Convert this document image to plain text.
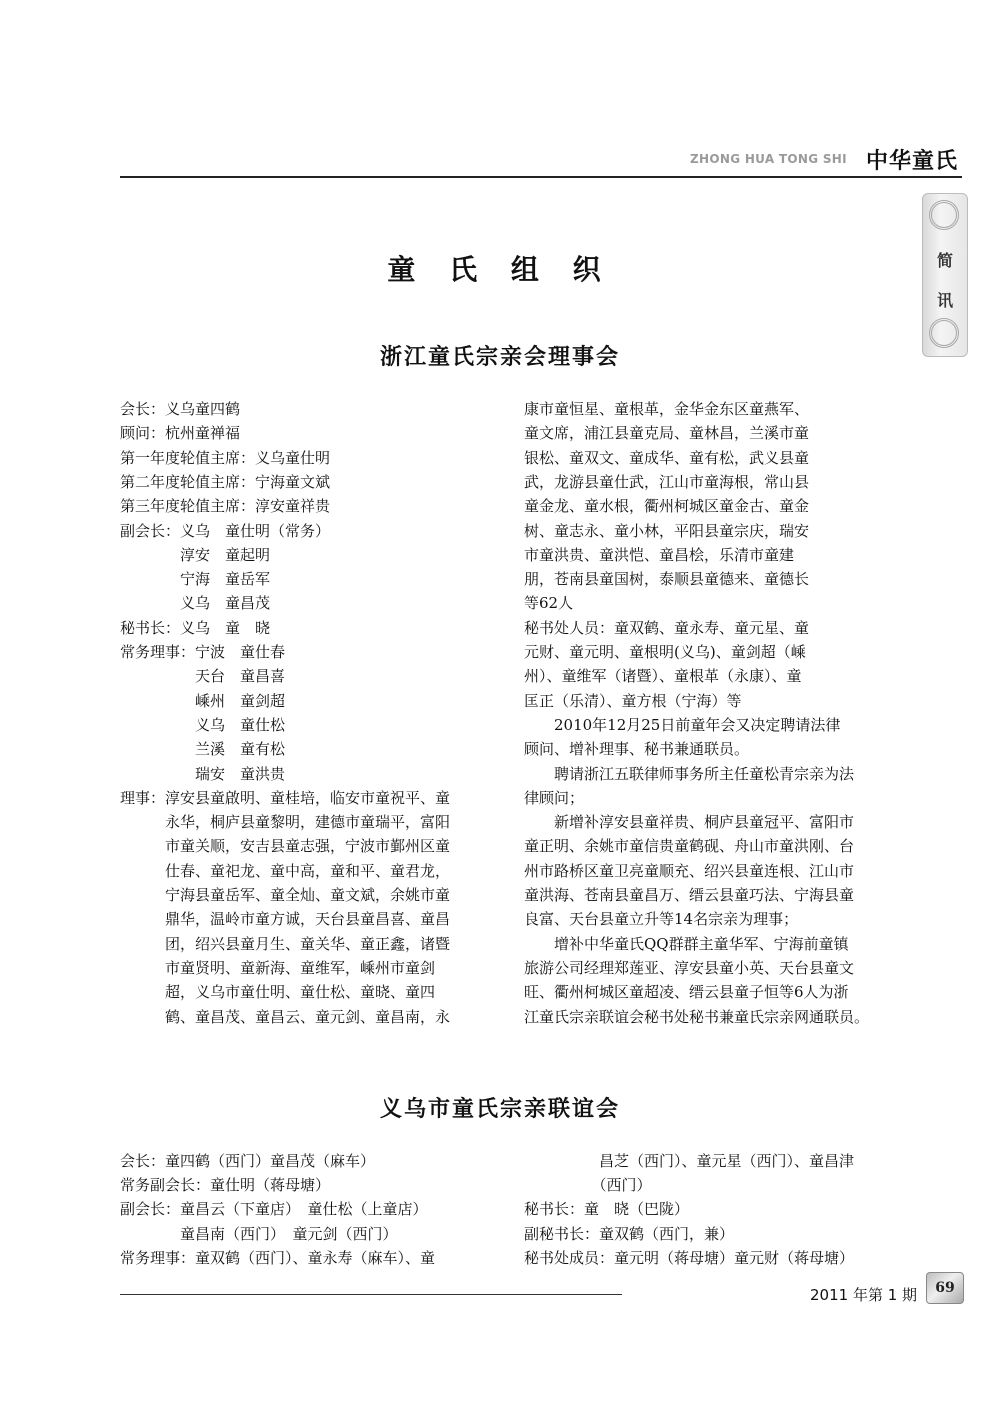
ZHONG HUA TONG SHI 中华童氏
简
讯
童 氏 组 织
浙江童氏宗亲会理事会
会长：义乌童四鹤
顾问：杭州童禅福
第一年度轮值主席：义乌童仕明
第二年度轮值主席：宁海童文斌
第三年度轮值主席：淳安童祥贵
副会长：义乌　童仕明（常务）
　　　　淳安　童起明
　　　　宁海　童岳军
　　　　义乌　童昌茂
秘书长：义乌　童　晓
常务理事：宁波　童仕春
　　　　　天台　童昌喜
　　　　　嵊州　童剑超
　　　　　义乌　童仕松
　　　　　兰溪　童有松
　　　　　瑞安　童洪贵
理事：淳安县童啟明、童桂培，临安市童祝平、童
　　　永华，桐庐县童黎明，建德市童瑞平，富阳
　　　市童关顺，安吉县童志强，宁波市鄞州区童
　　　仕春、童祀龙、童中高，童和平、童君龙，
　　　宁海县童岳军、童全灿、童文斌，余姚市童
　　　鼎华，温岭市童方诚，天台县童昌喜、童昌
　　　团，绍兴县童月生、童关华、童正鑫，诸暨
　　　市童贤明、童新海、童维军，嵊州市童剑
　　　超，义乌市童仕明、童仕松、童晓、童四
　　　鹤、童昌茂、童昌云、童元剑、童昌南，永
康市童恒星、童根革，金华金东区童燕军、
童文席，浦江县童克局、童林昌，兰溪市童
银松、童双文、童成华、童有松，武义县童
武，龙游县童仕武，江山市童海根，常山县
童金龙、童水根，衢州柯城区童金古、童金
树、童志永、童小林，平阳县童宗庆，瑞安
市童洪贵、童洪恺、童昌桧，乐清市童建
朋，苍南县童国树，泰顺县童德来、童德长
等62人
秘书处人员：童双鹤、童永寿、童元星、童
元财、童元明、童根明(义乌)、童剑超（嵊
州）、童维军（诸暨）、童根革（永康）、童
匡正（乐清）、童方根（宁海）等
　　2010年12月25日前童年会又决定聘请法律
顾问、增补理事、秘书兼通联员。
　　聘请浙江五联律师事务所主任童松青宗亲为法
律顾问；
　　新增补淳安县童祥贵、桐庐县童冠平、富阳市
童正明、余姚市童信贵童鹤砚、舟山市童洪刚、台
州市路桥区童卫亮童顺充、绍兴县童连根、江山市
童洪海、苍南县童昌万、缙云县童巧法、宁海县童
良富、天台县童立升等14名宗亲为理事；
　　增补中华童氏QQ群群主童华军、宁海前童镇
旅游公司经理郑莲亚、淳安县童小英、天台县童文
旺、衢州柯城区童超凌、缙云县童子恒等6人为浙
江童氏宗亲联谊会秘书处秘书兼童氏宗亲网通联员。
义乌市童氏宗亲联谊会
会长：童四鹤（西门）童昌茂（麻车）
常务副会长：童仕明（蒋母塘）
副会长：童昌云（下童店）　童仕松（上童店）
　　　　童昌南（西门）　童元剑（西门）
常务理事：童双鹤（西门）、童永寿（麻车）、童
　　　　　昌芝（西门）、童元星（西门）、童昌津
　　　　　（西门）
秘书长：童　晓（巴陇）
副秘书长：童双鹤（西门，兼）
秘书处成员：童元明（蒋母塘）童元财（蒋母塘）
2011 年第 1 期	69
